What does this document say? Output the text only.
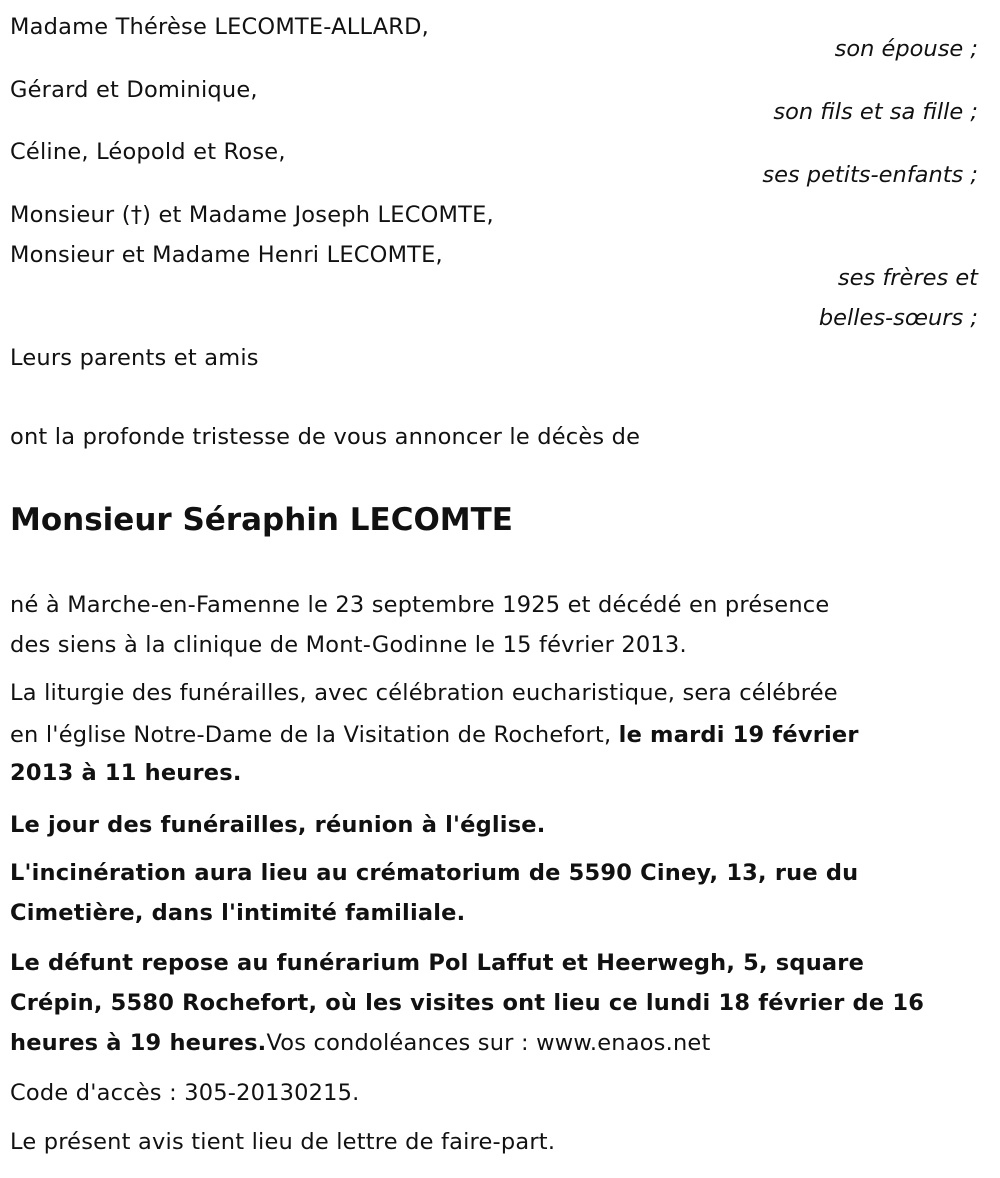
Madame Thérèse LECOMTE-ALLARD,
son épouse ;
Gérard et Dominique,
son fils et sa fille ;
Céline, Léopold et Rose,
ses petits-enfants ;
Monsieur (†) et Madame Joseph LECOMTE,
Monsieur et Madame Henri LECOMTE,
ses frères et
belles-sœurs ;
Leurs parents et amis
ont la profonde tristesse de vous annoncer le décès de
Monsieur Séraphin LECOMTE
né à Marche-en-Famenne le 23 septembre 1925 et décédé en présence
des siens à la clinique de Mont-Godinne le 15 février 2013.
La liturgie des funérailles, avec célébration eucharistique, sera célébrée
en l'église Notre-Dame de la Visitation de Rochefort, le mardi 19 février
2013 à 11 heures.
Le jour des funérailles, réunion à l'église.
L'incinération aura lieu au crématorium de 5590 Ciney, 13, rue du
Cimetière, dans l'intimité familiale.
Le défunt repose au funérarium Pol Laffut et Heerwegh, 5, square
Crépin, 5580 Rochefort, où les visites ont lieu ce lundi 18 février de 16
heures à 19 heures.Vos condoléances sur : www.enaos.net
Code d'accès : 305-20130215.
Le présent avis tient lieu de lettre de faire-part.
